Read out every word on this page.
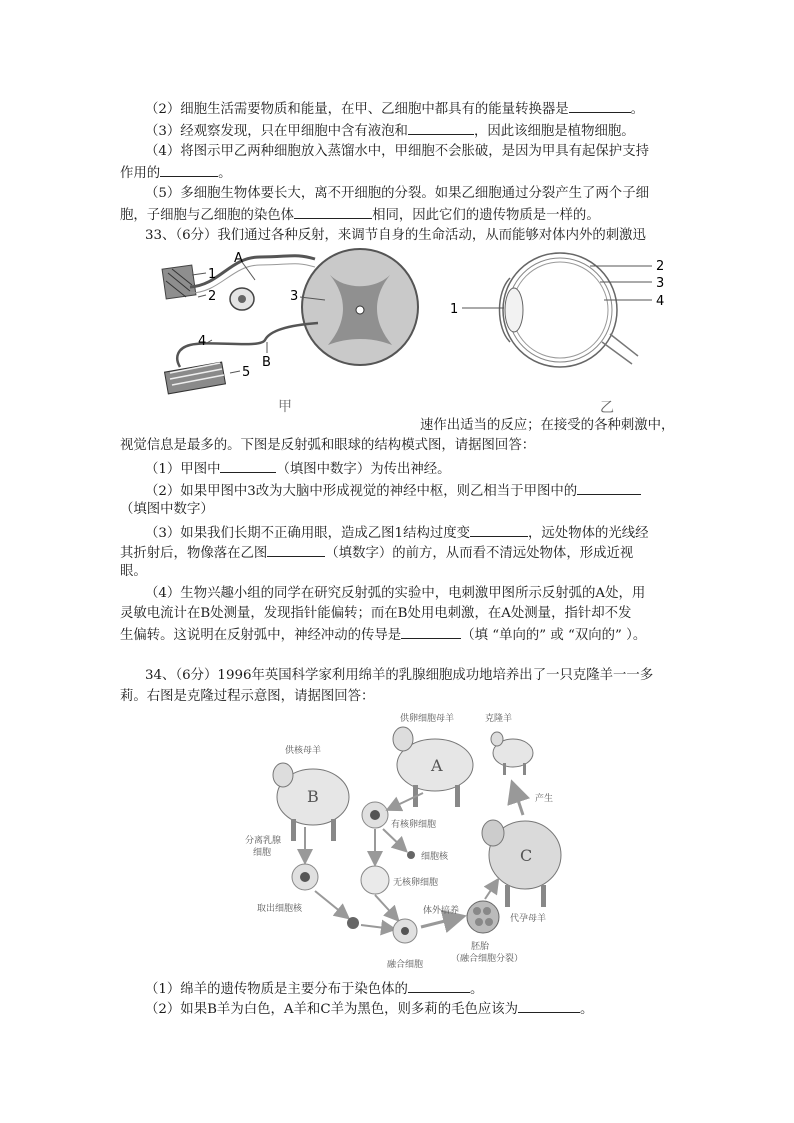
（2）细胞生活需要物质和能量，在甲、乙细胞中都具有的能量转换器是	。
（3）经观察发现，只在甲细胞中含有液泡和	，因此该细胞是植物细胞。
（4）将图示甲乙两种细胞放入蒸馏水中，甲细胞不会胀破，是因为甲具有起保护支持
作用的	。
（5）多细胞生物体要长大，离不开细胞的分裂。如果乙细胞通过分裂产生了两个子细
胞，子细胞与乙细胞的染色体	相同，因此它们的遗传物质是一样的。
33、（6分）我们通过各种反射，来调节自身的生命活动，从而能够对体内外的刺激迅
1
2	3
4
5
A
B
甲
1
2
3
4
乙
速作出适当的反应；在接受的各种刺激中，
视觉信息是最多的。下图是反射弧和眼球的结构模式图，请据图回答：
（1）甲图中	（填图中数字）为传出神经。
（2）如果甲图中3改为大脑中形成视觉的神经中枢，则乙相当于甲图中的
（填图中数字）
（3）如果我们长期不正确用眼，造成乙图1结构过度变	，远处物体的光线经
其折射后，物像落在乙图	（填数字）的前方，从而看不清远处物体，形成近视
眼。
（4）生物兴趣小组的同学在研究反射弧的实验中，电刺激甲图所示反射弧的A处，用
灵敏电流计在B处测量，发现指针能偏转；而在B处用电刺激，在A处测量，指针却不发
生偏转。这说明在反射弧中，神经冲动的传导是	（填 “单向的” 或 “双向的” ）。
34、（6分）1996年英国科学家利用绵羊的乳腺细胞成功地培养出了一只克隆羊一一多
莉。右图是克隆过程示意图，请据图回答：
供卵细胞母羊
A
克隆羊
供核母羊
B
C
代孕母羊
产生
有核卵细胞
细胞核
无核卵细胞
分离乳腺
细胞
取出细胞核
融合细胞
体外培养
胚胎
（融合细胞分裂）
（1）绵羊的遗传物质是主要分布于染色体的	。
（2）如果B羊为白色，A羊和C羊为黑色，则多莉的毛色应该为	。
